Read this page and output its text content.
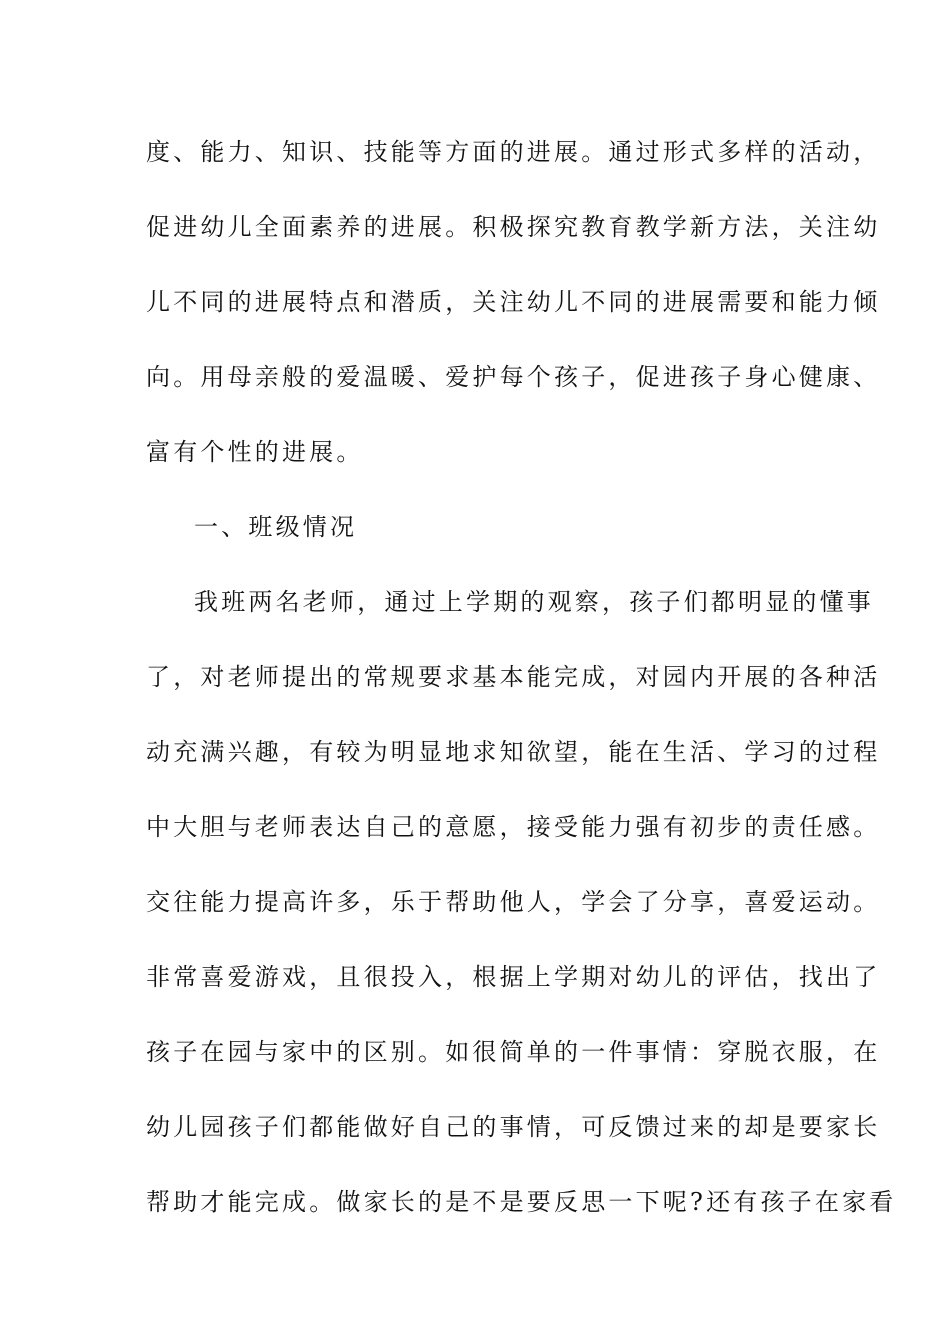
度、能力、知识、技能等方面的进展。通过形式多样的活动，
促进幼儿全面素养的进展。积极探究教育教学新方法，关注幼
儿不同的进展特点和潜质，关注幼儿不同的进展需要和能力倾
向。用母亲般的爱温暖、爱护每个孩子，促进孩子身心健康、
富有个性的进展。
一、班级情况
我班两名老师，通过上学期的观察，孩子们都明显的懂事
了，对老师提出的常规要求基本能完成，对园内开展的各种活
动充满兴趣，有较为明显地求知欲望，能在生活、学习的过程
中大胆与老师表达自己的意愿，接受能力强有初步的责任感。
交往能力提高许多，乐于帮助他人，学会了分享，喜爱运动。
非常喜爱游戏，且很投入，根据上学期对幼儿的评估，找出了
孩子在园与家中的区别。如很简单的一件事情：穿脱衣服，在
幼儿园孩子们都能做好自己的事情，可反馈过来的却是要家长
帮助才能完成。做家长的是不是要反思一下呢?还有孩子在家看
